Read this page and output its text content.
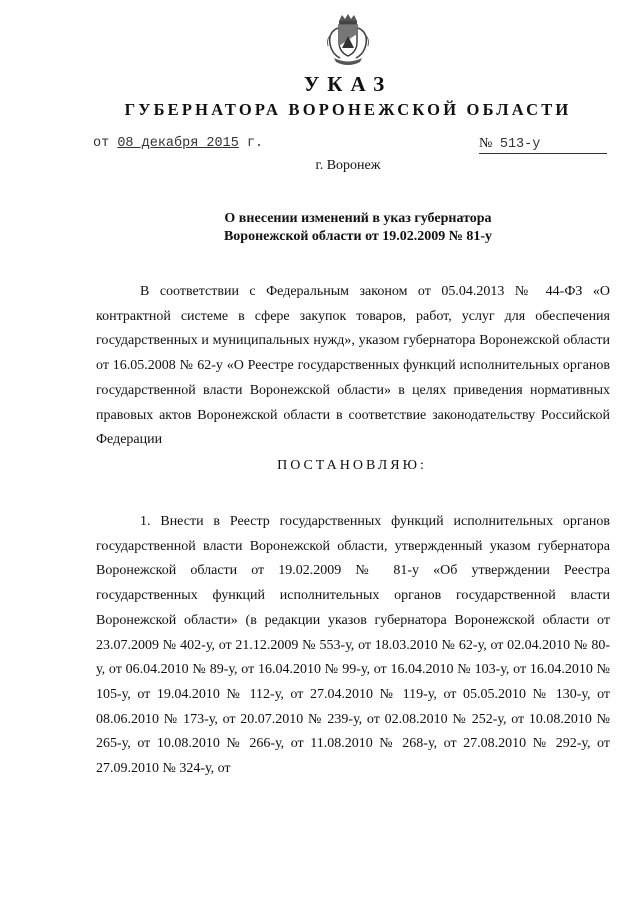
УКАЗ
ГУБЕРНАТОРА ВОРОНЕЖСКОЙ ОБЛАСТИ
от 08 декабря 2015 г.	№ 513-у
г. Воронеж
О внесении изменений в указ губернатора
Воронежской области от 19.02.2009 № 81-у
В соответствии с Федеральным законом от 05.04.2013 № 44-ФЗ «О контрактной системе в сфере закупок товаров, работ, услуг для обеспечения государственных и муниципальных нужд», указом губернатора Воронежской области от 16.05.2008 № 62-у «О Реестре государственных функций исполнительных органов государственной власти Воронежской области» в целях приведения нормативных правовых актов Воронежской области в соответствие законодательству Российской Федерации
ПОСТАНОВЛЯЮ:
1. Внести в Реестр государственных функций исполнительных органов государственной власти Воронежской области, утвержденный указом губернатора Воронежской области от 19.02.2009 № 81-у «Об утверждении Реестра государственных функций исполнительных органов государственной власти Воронежской области» (в редакции указов губернатора Воронежской области от 23.07.2009 № 402-у, от 21.12.2009 № 553-у, от 18.03.2010 № 62-у, от 02.04.2010 № 80-у, от 06.04.2010 № 89-у, от 16.04.2010 № 99-у, от 16.04.2010 № 103-у, от 16.04.2010 № 105-у, от 19.04.2010 № 112-у, от 27.04.2010 № 119-у, от 05.05.2010 № 130-у, от 08.06.2010 № 173-у, от 20.07.2010 № 239-у, от 02.08.2010 № 252-у, от 10.08.2010 № 265-у, от 10.08.2010 № 266-у, от 11.08.2010 № 268-у, от 27.08.2010 № 292-у, от 27.09.2010 № 324-у, от
